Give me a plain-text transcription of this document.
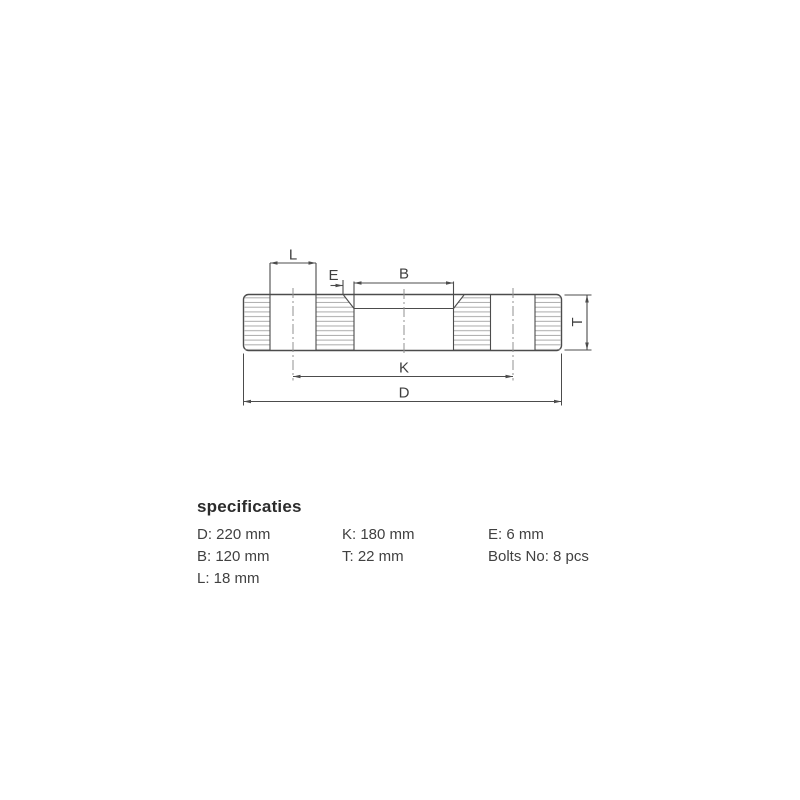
L
E	B
K
D
T
specificaties
D: 220 mm
B: 120 mm
L: 18 mm
K: 180 mm
T: 22 mm
E: 6 mm
Bolts No: 8 pcs
